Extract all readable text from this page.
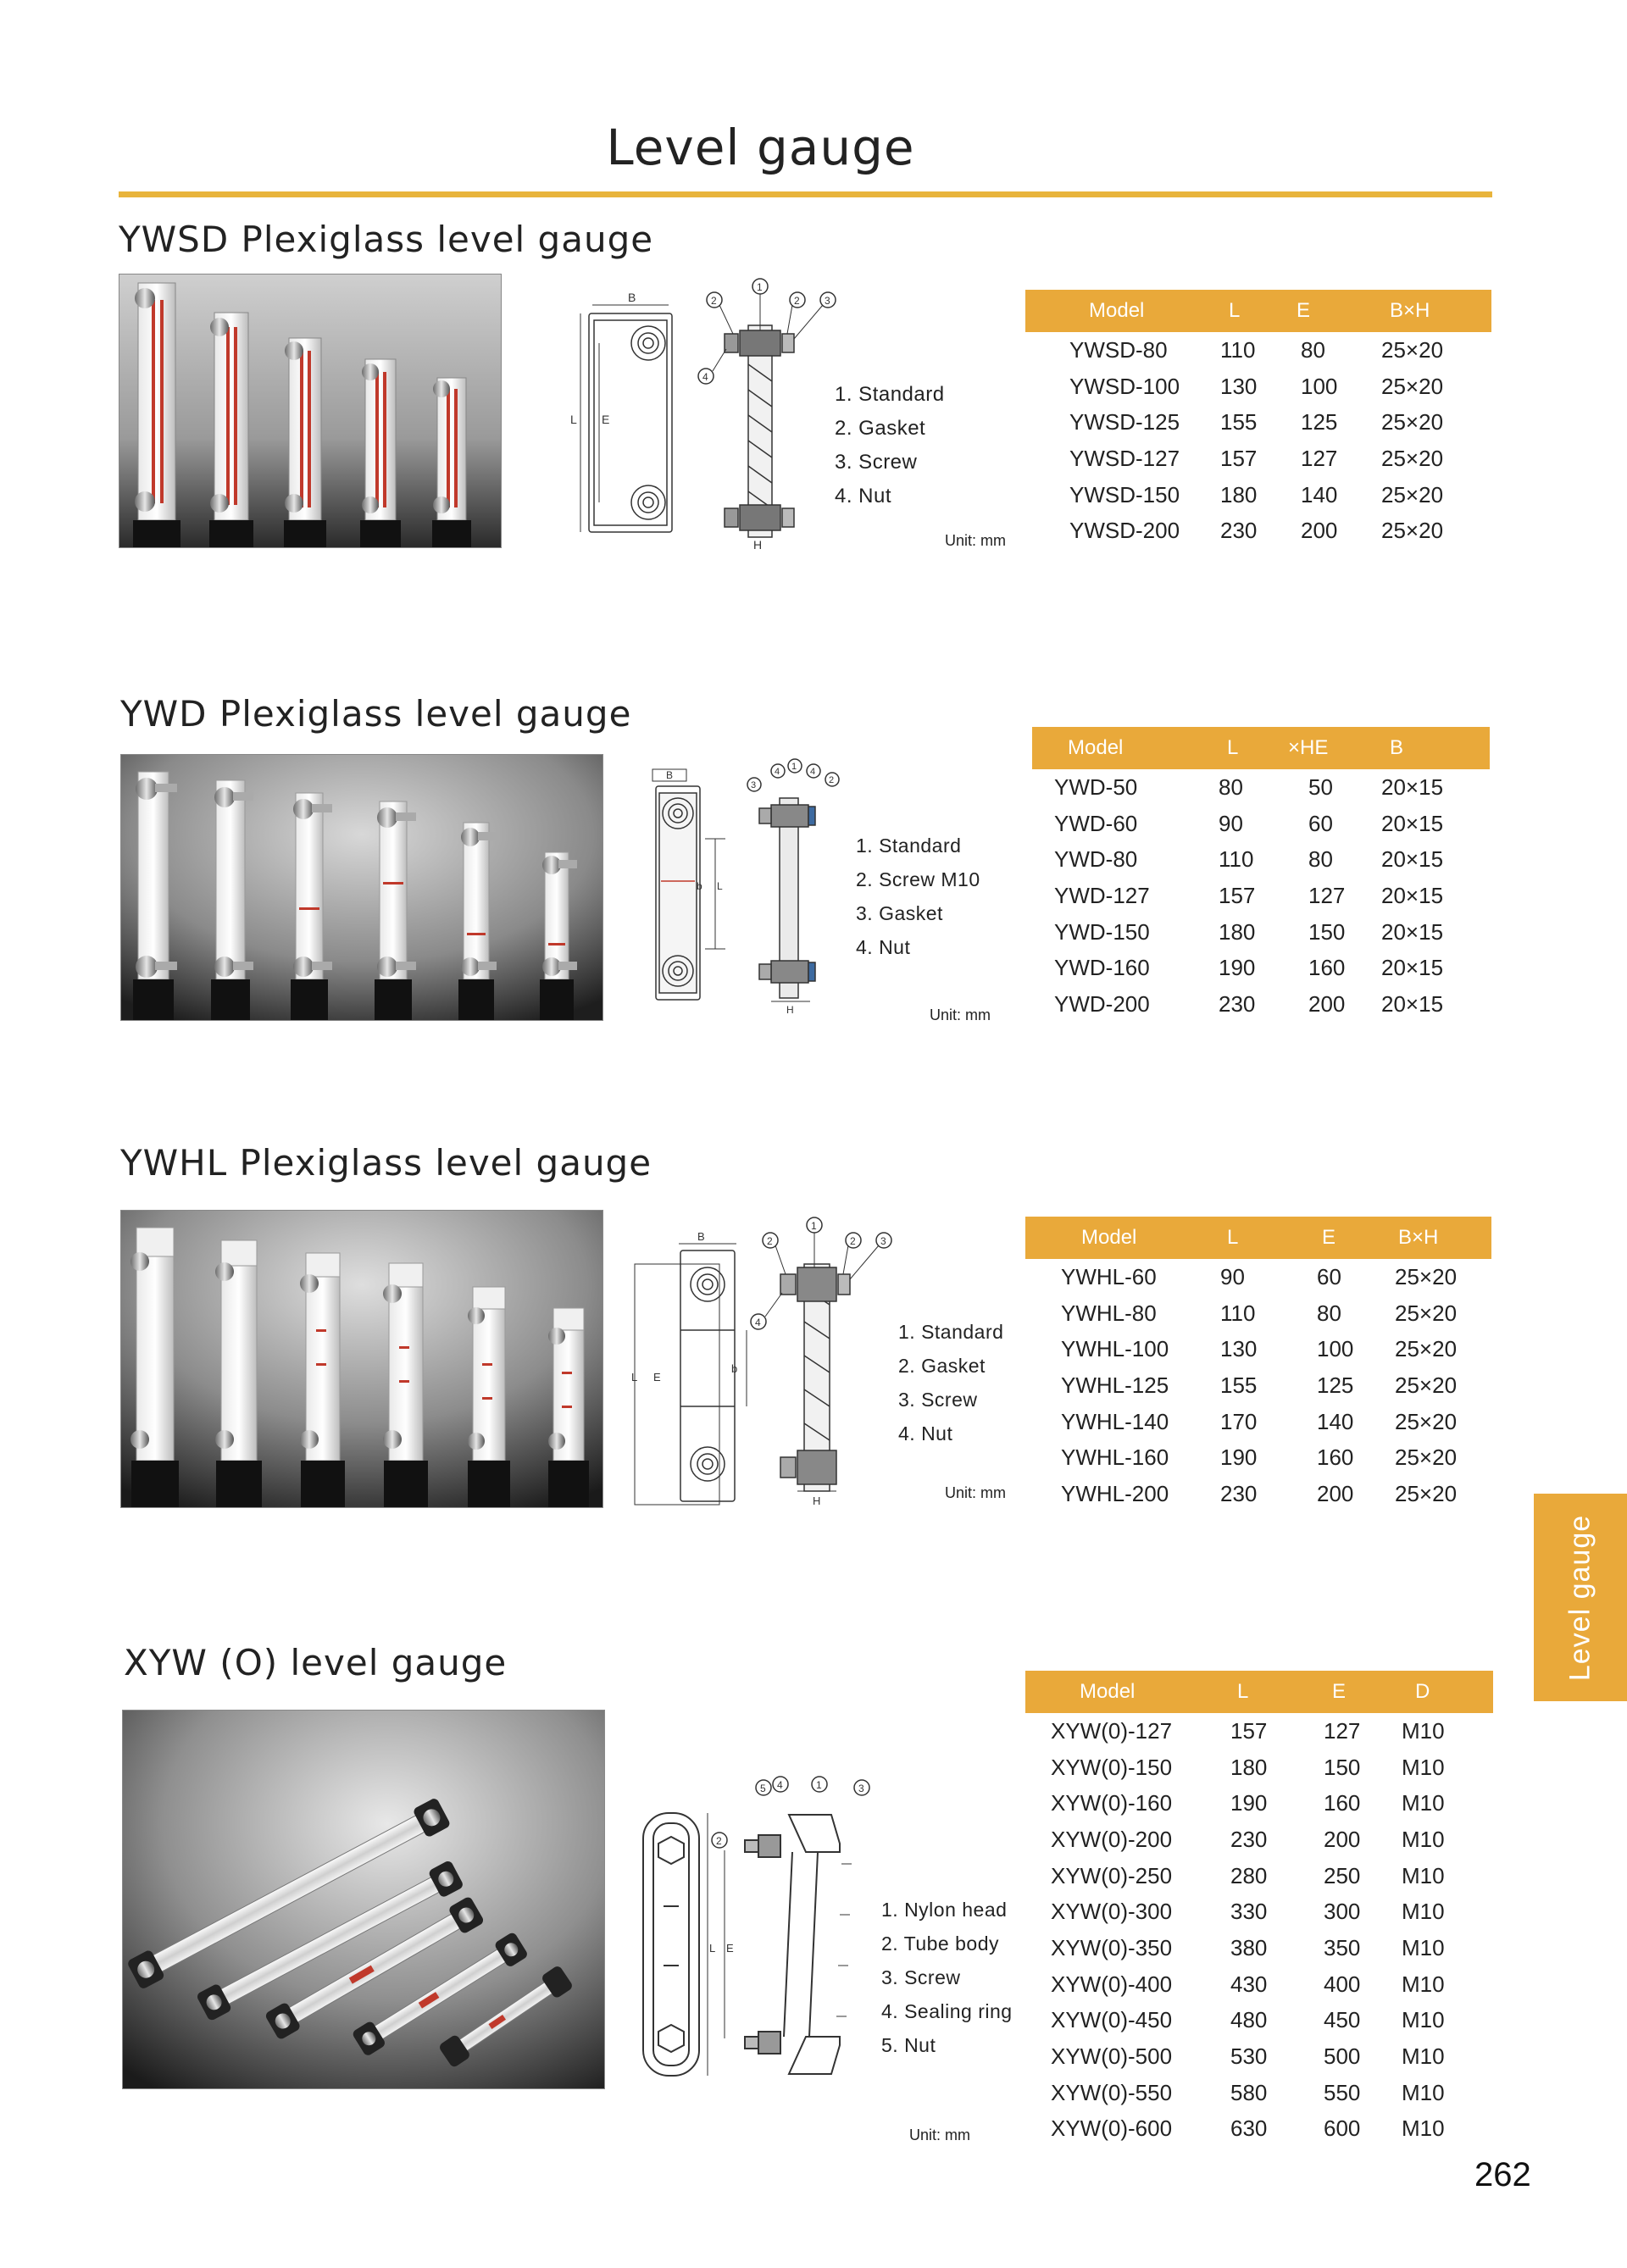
Level gauge
YWSD Plexiglass level gauge
B
L E
H
1
2	2 3
4
1. Standard
2. Gasket
3. Screw
4. Nut
Unit: mm
Model	L	E	B×H
YWSD-80	110	80	25×20
YWSD-100	130	100	25×20
YWSD-125	155	125	25×20
YWSD-127	157	127	25×20
YWSD-150	180	140	25×20
YWSD-200	230	200	25×20
YWD Plexiglass level gauge
B
b L
H
3
4 1 4
2
1. Standard
2. Screw M10
3. Gasket
4. Nut
Unit: mm
Model	L	×HE	B
YWD-50	80	50	20×15
YWD-60	90	60	20×15
YWD-80	110	80	20×15
YWD-127	157	127	20×15
YWD-150	180	150	20×15
YWD-160	190	160	20×15
YWD-200	230	200	20×15
YWHL Plexiglass level gauge
B
L E
b
H
1
2	2 3
4	1. Standard
2. Gasket
3. Screw
4. Nut
Unit: mm
Model	L	E	B×H
YWHL-60	90	60	25×20
YWHL-80	110	80	25×20
YWHL-100	130	100	25×20
YWHL-125	155	125	25×20
YWHL-140	170	140	25×20
YWHL-160	190	160	25×20
YWHL-200	230	200	25×20
XYW (O) level gauge
L E
5 4	1	3
2
1. Nylon head
2. Tube body
3. Screw
4. Sealing ring
5. Nut
Unit: mm
Model	L	E	D
XYW(0)-127	157	127	M10
XYW(0)-150	180	150	M10
XYW(0)-160	190	160	M10
XYW(0)-200	230	200	M10
XYW(0)-250	280	250	M10
XYW(0)-300	330	300	M10
XYW(0)-350	380	350	M10
XYW(0)-400	430	400	M10
XYW(0)-450	480	450	M10
XYW(0)-500	530	500	M10
XYW(0)-550	580	550	M10
XYW(0)-600	630	600	M10
Level gauge
262
